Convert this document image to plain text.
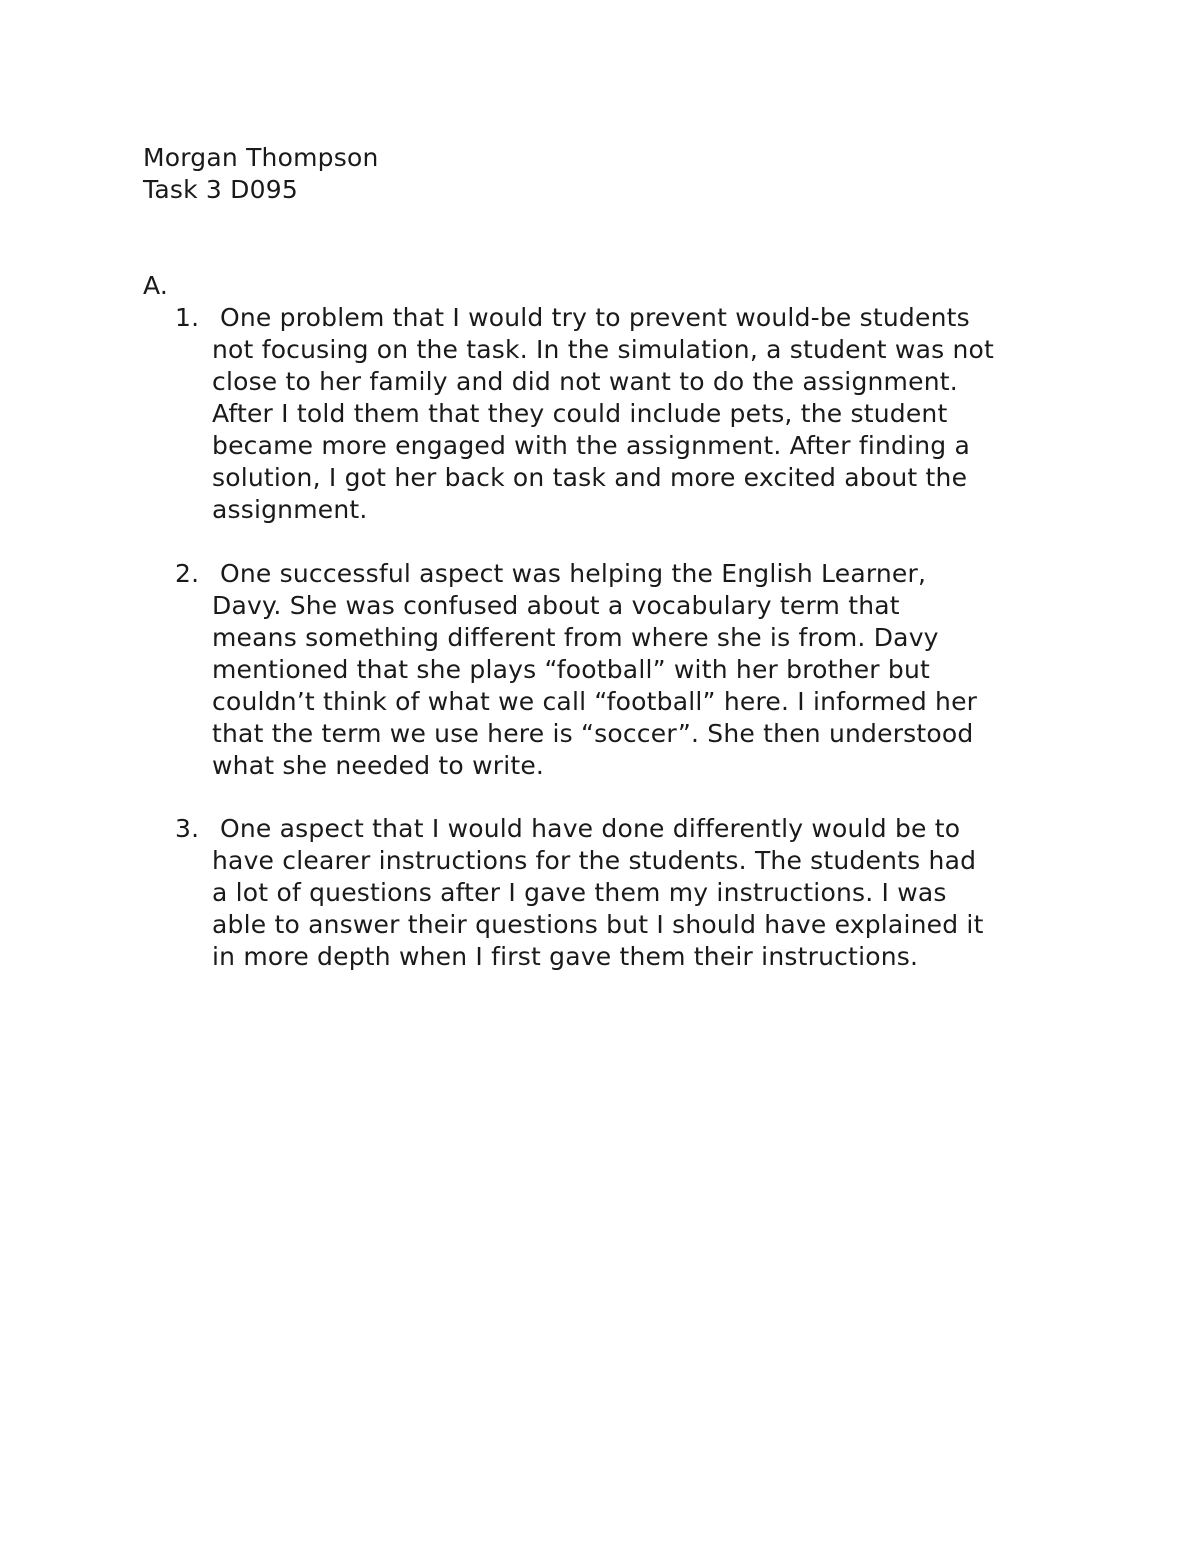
Morgan Thompson
Task 3 D095
A.
1. One problem that I would try to prevent would-be students
not focusing on the task. In the simulation, a student was not
close to her family and did not want to do the assignment.
After I told them that they could include pets, the student
became more engaged with the assignment. After finding a
solution, I got her back on task and more excited about the
assignment.
2. One successful aspect was helping the English Learner,
Davy. She was confused about a vocabulary term that
means something different from where she is from. Davy
mentioned that she plays “football” with her brother but
couldn’t think of what we call “football” here. I informed her
that the term we use here is “soccer”. She then understood
what she needed to write.
3. One aspect that I would have done differently would be to
have clearer instructions for the students. The students had
a lot of questions after I gave them my instructions. I was
able to answer their questions but I should have explained it
in more depth when I first gave them their instructions.
